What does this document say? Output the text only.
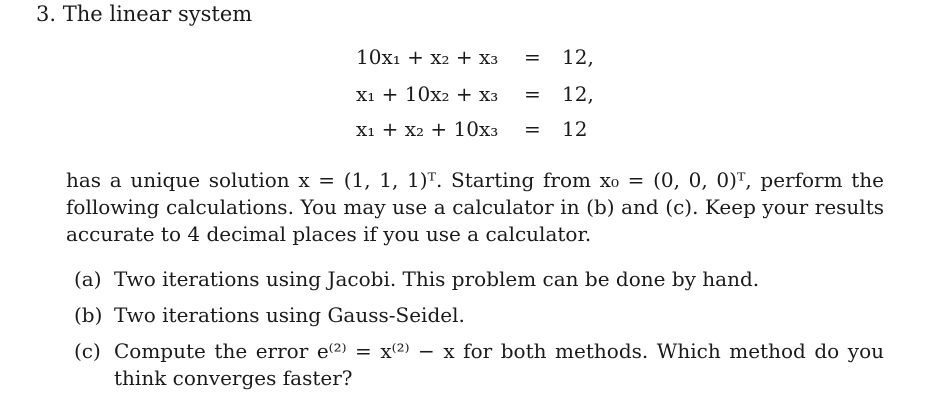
3. The linear system
10x₁ + x₂ + x₃ = 12,
x₁ + 10x₂ + x₃ = 12,
x₁ + x₂ + 10x₃ = 12
has a unique solution x = (1, 1, 1)ᵀ. Starting from x₀ = (0, 0, 0)ᵀ, perform the following calculations. You may use a calculator in (b) and (c). Keep your results accurate to 4 decimal places if you use a calculator.
(a) Two iterations using Jacobi. This problem can be done by hand.
(b) Two iterations using Gauss-Seidel.
(c) Compute the error e⁽²⁾ = x⁽²⁾ − x for both methods. Which method do you think converges faster?
